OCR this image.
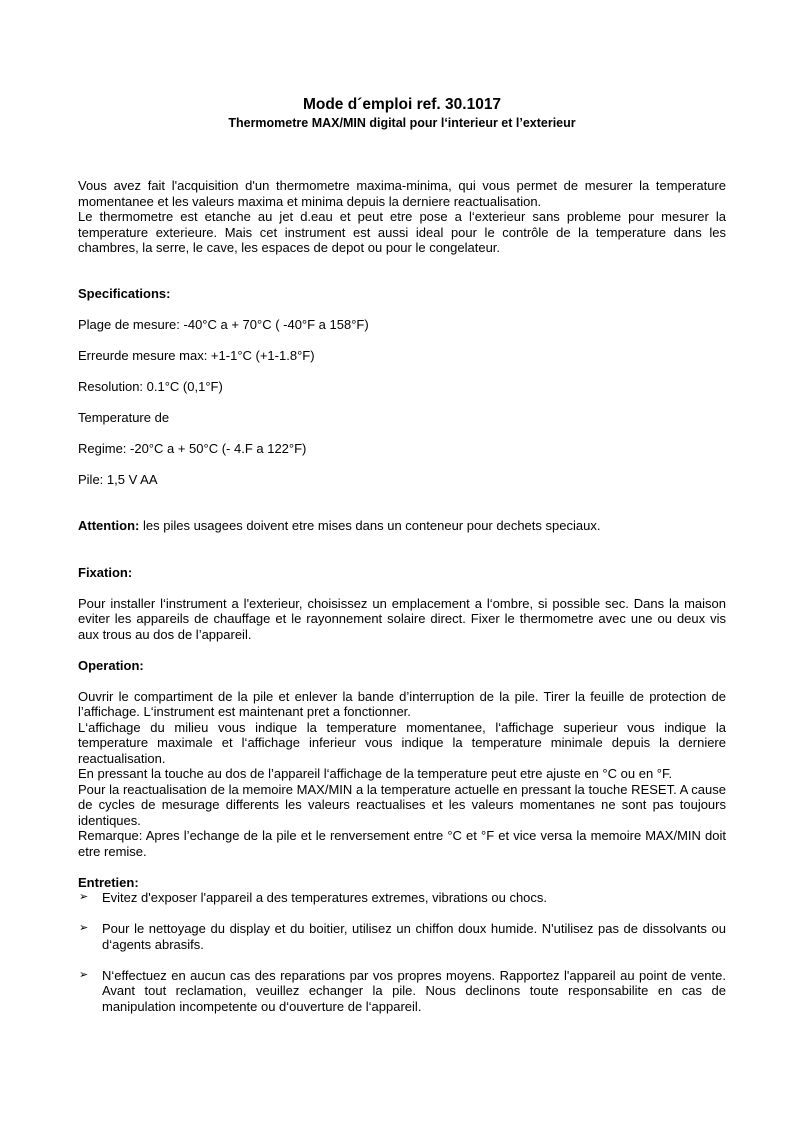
Mode d´emploi ref. 30.1017
Thermometre MAX/MIN digital pour l‘interieur et l’exterieur

Vous avez fait l'acquisition d'un thermometre maxima-minima, qui vous permet de mesurer la temperature momentanee et les valeurs maxima et minima depuis la derniere reactualisation.

Le thermometre est etanche au jet d.eau et peut etre pose a l‘exterieur sans probleme pour mesurer la temperature exterieure. Mais cet instrument est aussi ideal pour le contrôle de la temperature dans les chambres, la serre, le cave, les espaces de depot ou pour le congelateur.

Specifications:

Plage de mesure: -40°C a + 70°C ( -40°F a 158°F)

Erreurde mesure max: +1-1°C (+1-1.8°F)

Resolution: 0.1°C (0,1°F)

Temperature de

Regime: -20°C a + 50°C (- 4.F a 122°F)

Pile: 1,5 V AA

Attention: les piles usagees doivent etre mises dans un conteneur pour dechets speciaux.

Fixation:

Pour installer l‘instrument a l'exterieur, choisissez un emplacement a l‘ombre, si possible sec. Dans la maison eviter les appareils de chauffage et le rayonnement solaire direct. Fixer le thermometre avec une ou deux vis aux trous au dos de l’appareil.

Operation:

Ouvrir le compartiment de la pile et enlever la bande d’interruption de la pile. Tirer la feuille de protection de l’affichage. L‘instrument est maintenant pret a fonctionner.

L‘affichage du milieu vous indique la temperature momentanee, l‘affichage superieur vous indique la temperature maximale et l‘affichage inferieur vous indique la temperature minimale depuis la derniere reactualisation.

En pressant la touche au dos de l’appareil l‘affichage de la temperature peut etre ajuste en °C ou en °F.

Pour la reactualisation de la memoire MAX/MIN a la temperature actuelle en pressant la touche RESET. A cause de cycles de mesurage differents les valeurs reactualises et les valeurs momentanes ne sont pas toujours identiques.

Remarque: Apres l’echange de la pile et le renversement entre °C et °F et vice versa la memoire MAX/MIN doit etre remise.

Entretien:
➢ Evitez d'exposer l'appareil a des temperatures extremes, vibrations ou chocs.
➢ Pour le nettoyage du display et du boitier, utilisez un chiffon doux humide. N'utilisez pas de dissolvants ou d‘agents abrasifs.
➢ N‘effectuez en aucun cas des reparations par vos propres moyens. Rapportez l'appareil au point de vente. Avant tout reclamation, veuillez echanger la pile. Nous declinons toute responsabilite en cas de manipulation incompetente ou d‘ouverture de l‘appareil.
